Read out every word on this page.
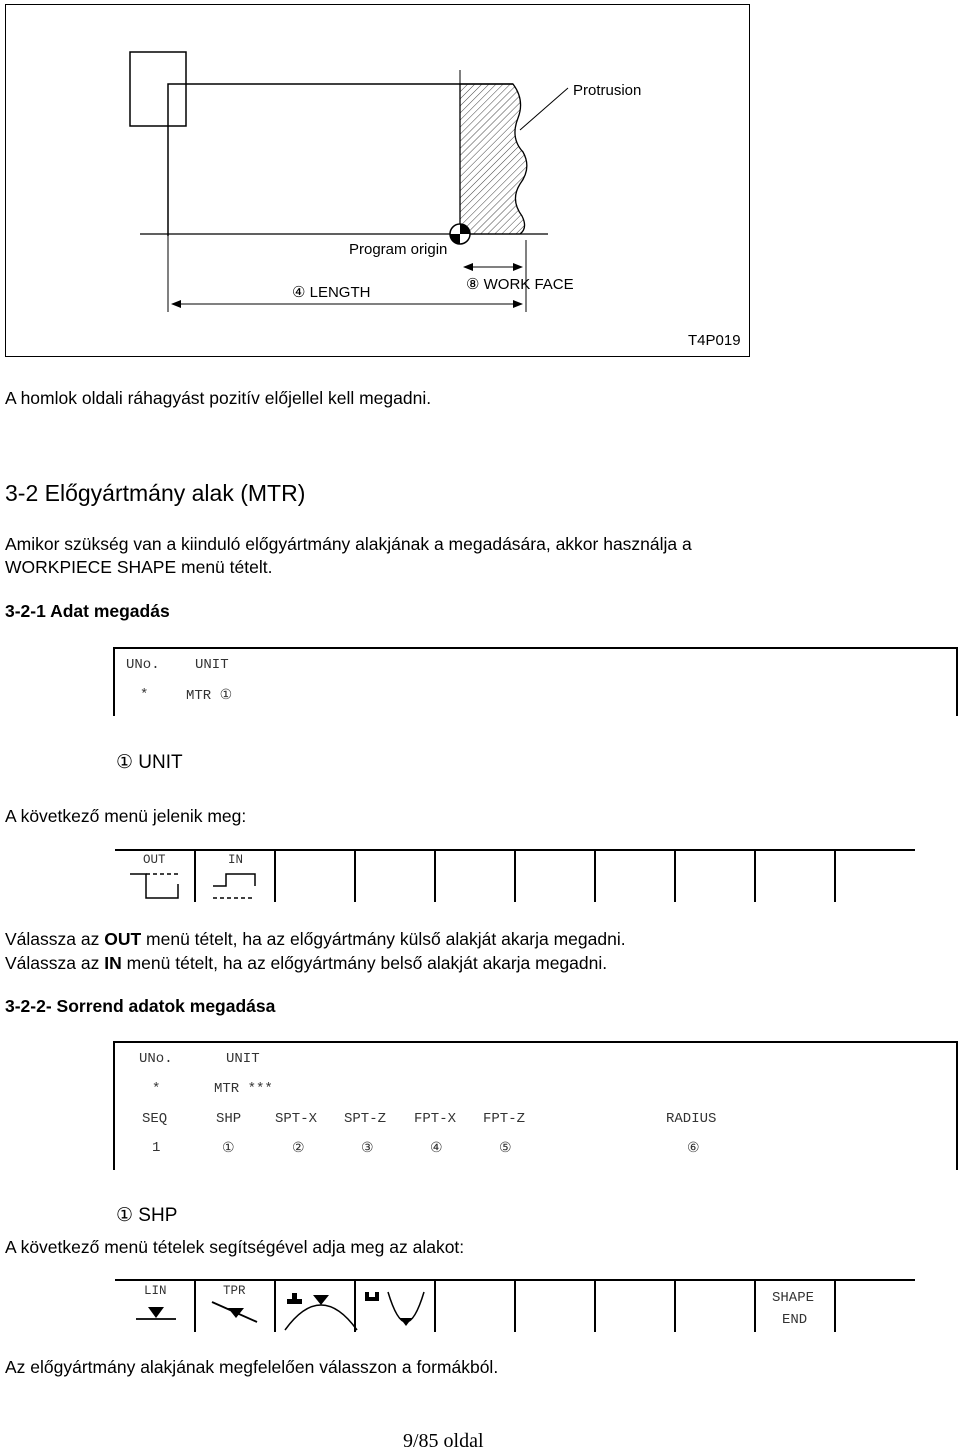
Protrusion
Program origin
④ LENGTH	⑧ WORK FACE
T4P019
A homlok oldali ráhagyást pozitív előjellel kell megadni.
3-2 Előgyártmány alak (MTR)
Amikor szükség van a kiinduló előgyártmány alakjának a megadására, akkor használja a
WORKPIECE SHAPE menü tételt.
3-2-1 Adat megadás
UNo.	UNIT
*	MTR ①
① UNIT
A következő menü jelenik meg:
OUT	IN
Válassza az OUT menü tételt, ha az előgyártmány külső alakját akarja megadni.
Válassza az IN menü tételt, ha az előgyártmány belső alakját akarja megadni.
3-2-2- Sorrend adatok megadása
UNo.	UNIT
*	MTR ***
SEQ	SHP SPT-X SPT-Z FPT-X FPT-Z	RADIUS
1	①	②	③	④	⑤	⑥
① SHP
A következő menü tételek segítségével adja meg az alakot:
LIN	TPR	SHAPE
END
Az előgyártmány alakjának megfelelően válasszon a formákból.
9/85 oldal
